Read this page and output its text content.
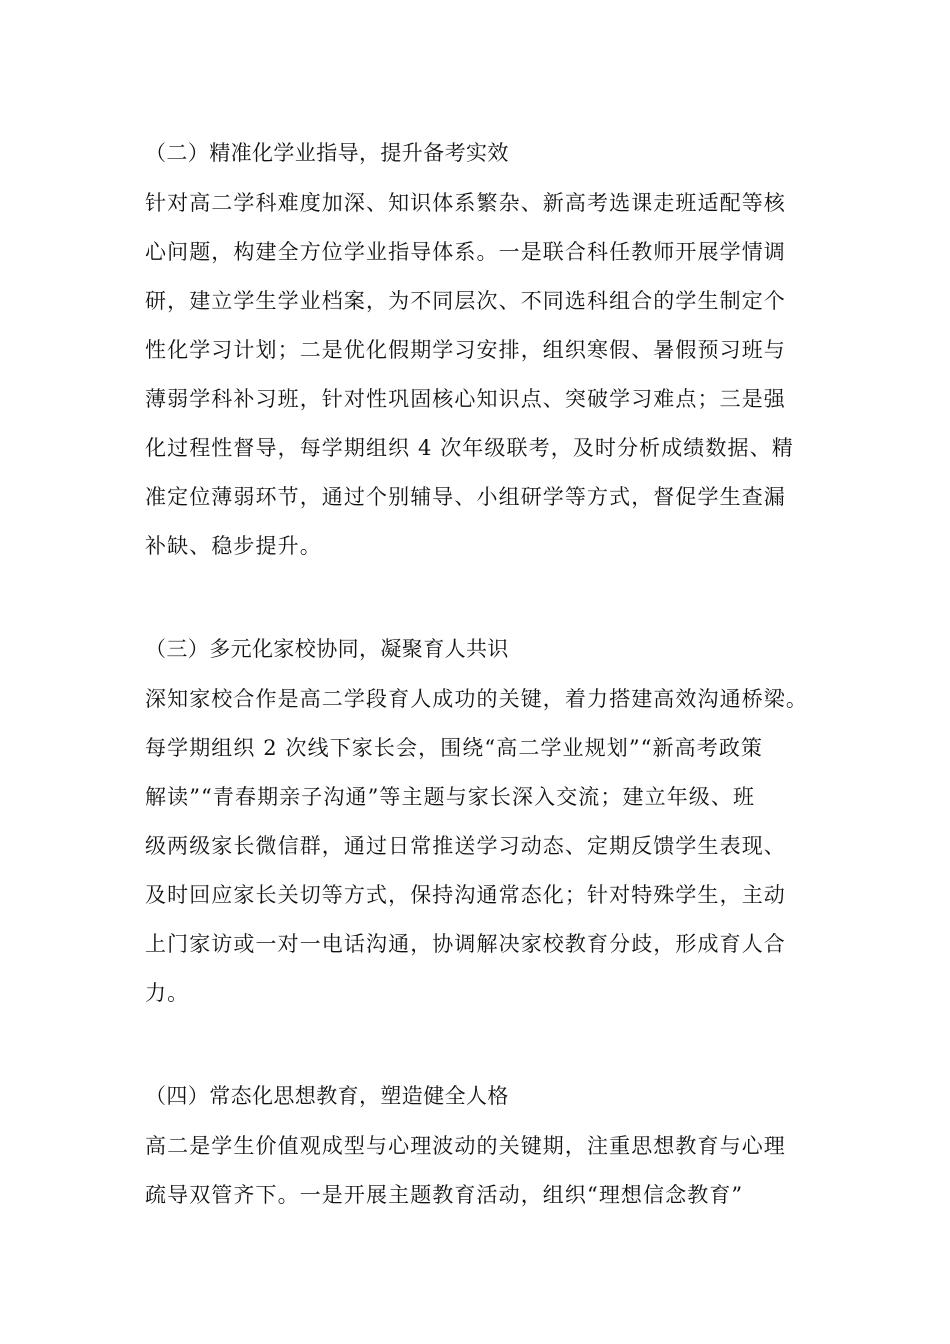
（二）精准化学业指导，提升备考实效

针对高二学科难度加深、知识体系繁杂、新高考选课走班适配等核

心问题，构建全方位学业指导体系。一是联合科任教师开展学情调

研，建立学生学业档案，为不同层次、不同选科组合的学生制定个

性化学习计划；二是优化假期学习安排，组织寒假、暑假预习班与

薄弱学科补习班，针对性巩固核心知识点、突破学习难点；三是强

化过程性督导，每学期组织 4 次年级联考，及时分析成绩数据、精

准定位薄弱环节，通过个别辅导、小组研学等方式，督促学生查漏

补缺、稳步提升。

（三）多元化家校协同，凝聚育人共识

深知家校合作是高二学段育人成功的关键，着力搭建高效沟通桥梁。

每学期组织 2 次线下家长会，围绕“高二学业规划”“新高考政策

解读”“青春期亲子沟通”等主题与家长深入交流；建立年级、班

级两级家长微信群，通过日常推送学习动态、定期反馈学生表现、

及时回应家长关切等方式，保持沟通常态化；针对特殊学生，主动

上门家访或一对一电话沟通，协调解决家校教育分歧，形成育人合

力。

（四）常态化思想教育，塑造健全人格

高二是学生价值观成型与心理波动的关键期，注重思想教育与心理

疏导双管齐下。一是开展主题教育活动，组织“理想信念教育”
